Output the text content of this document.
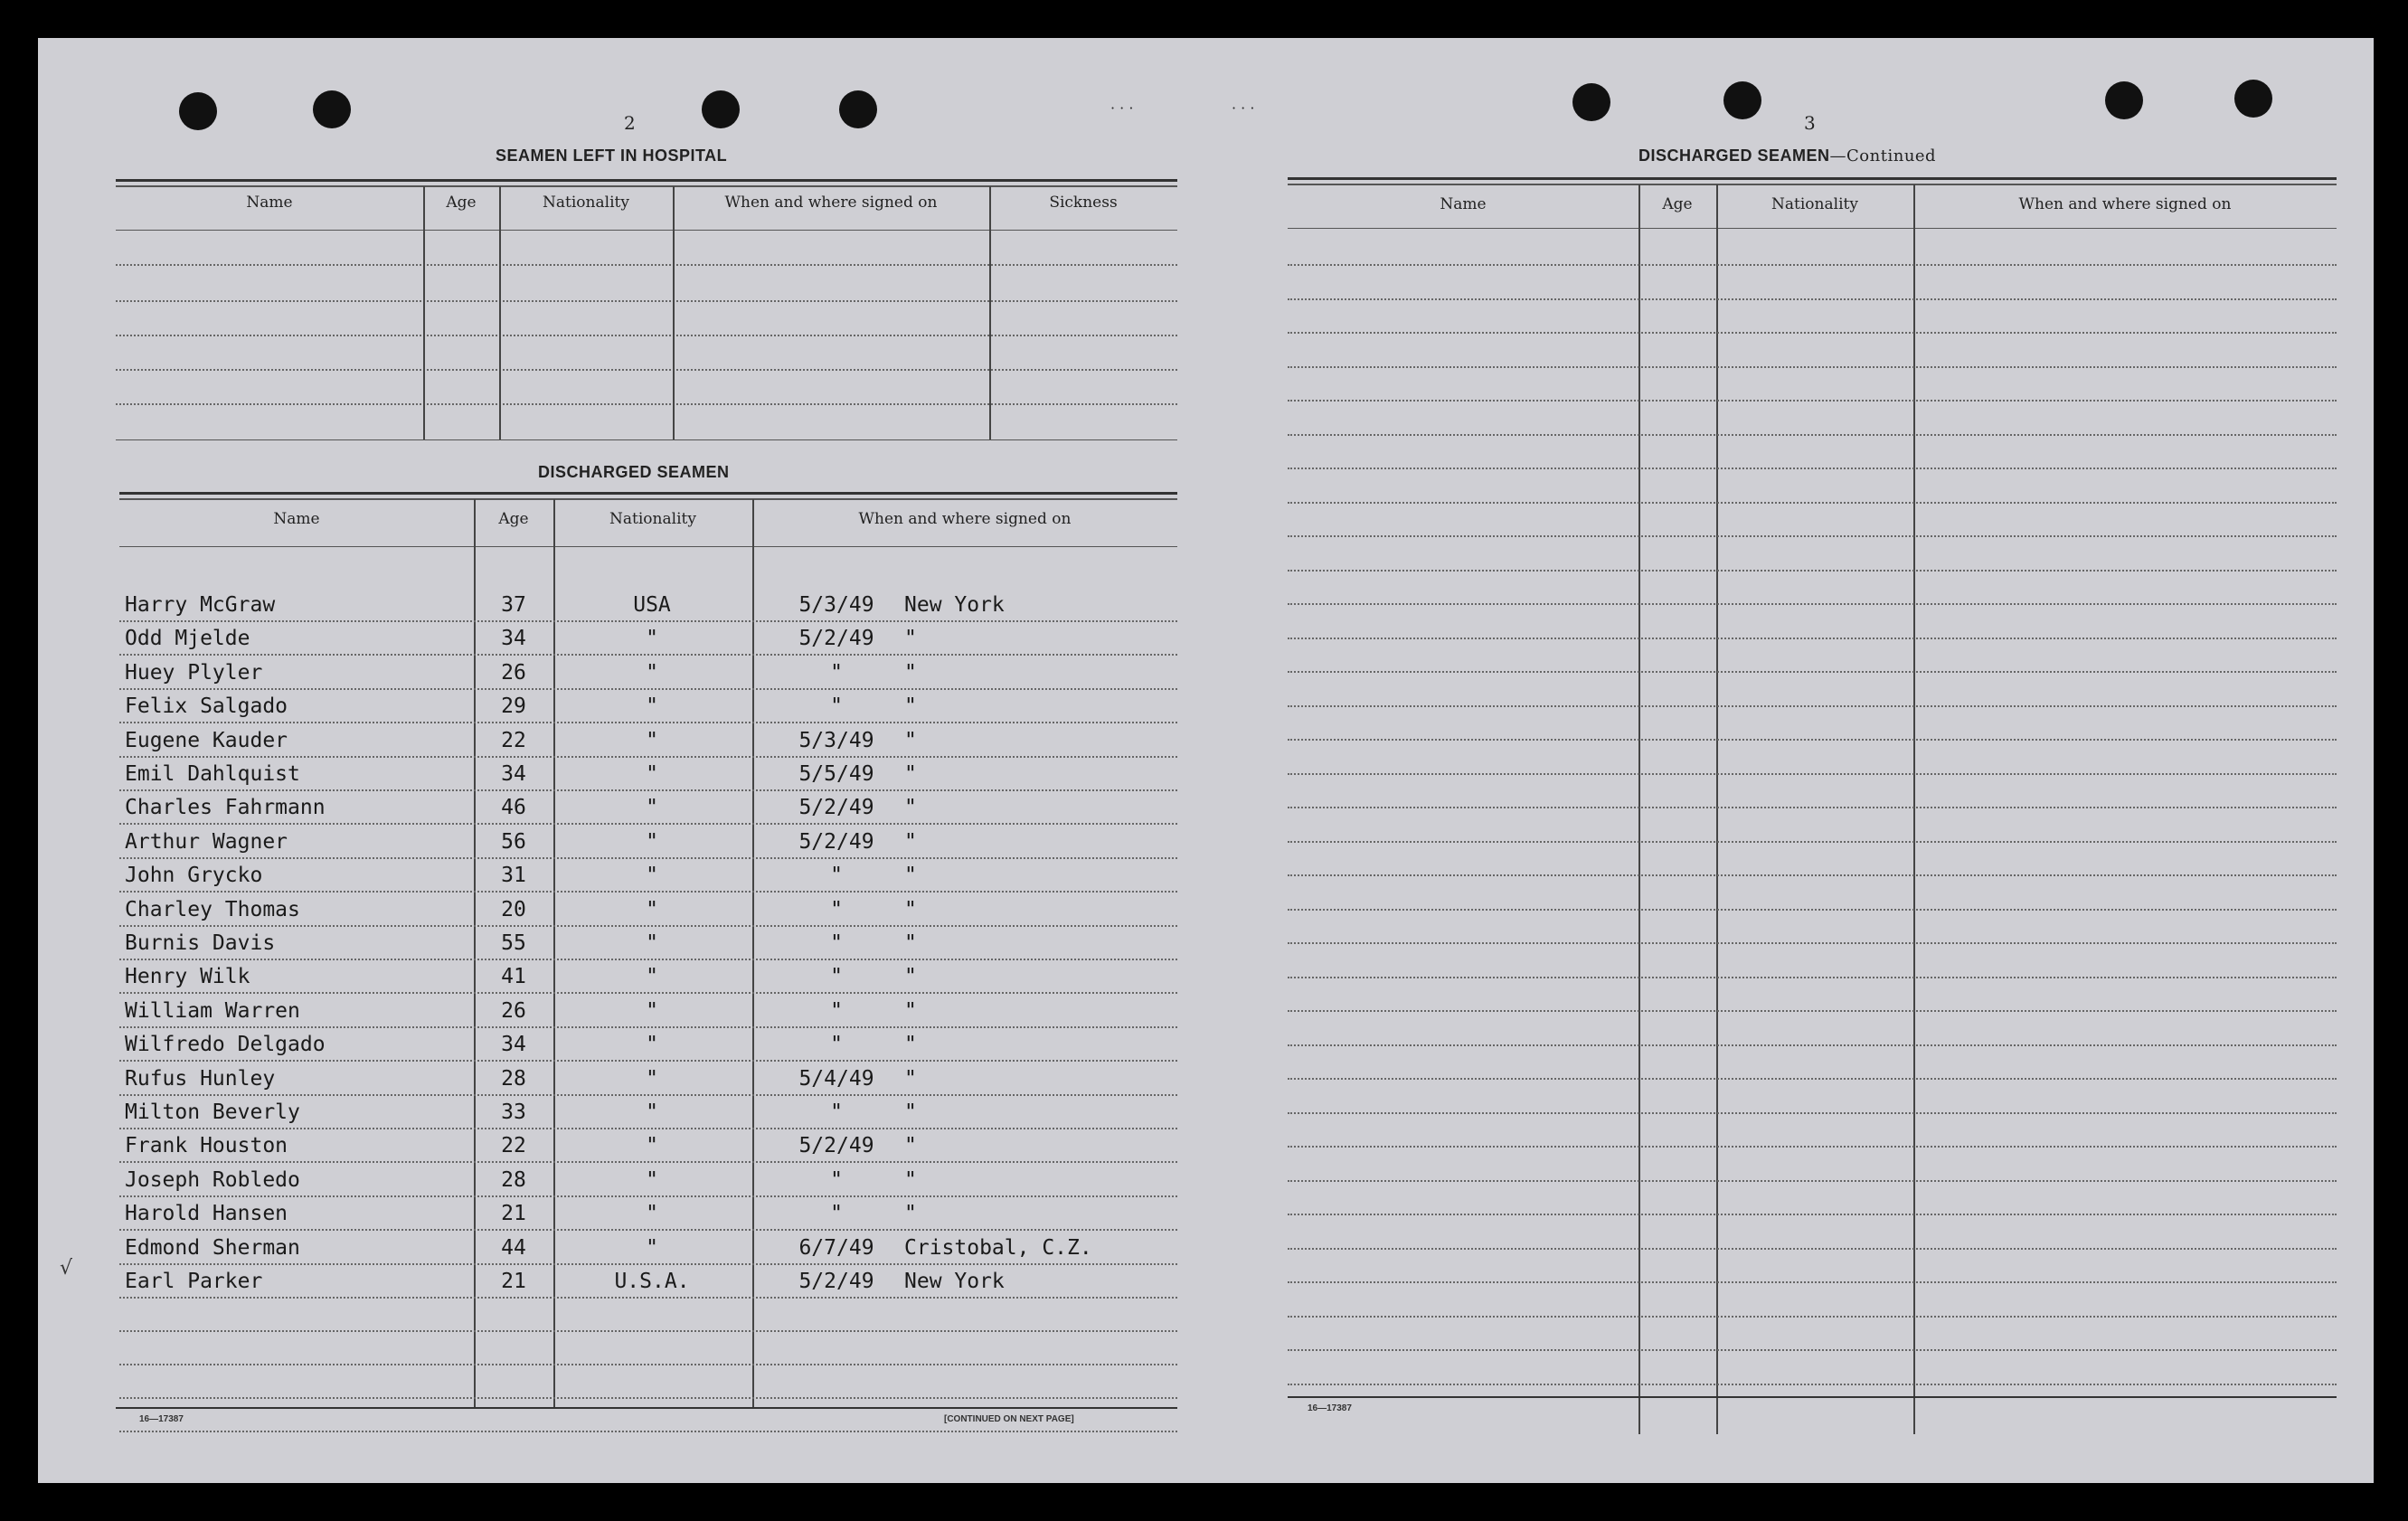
2
SEAMEN LEFT IN HOSPITAL
Name	Age	Nationality	When and where signed on	Sickness
DISCHARGED SEAMEN
Name	Age	Nationality	When and where signed on
Harry McGraw	37	USA	5/3/49	New York
Odd Mjelde	34	"	5/2/49	"
Huey Plyler	26	"	"	"
Felix Salgado	29	"	"	"
Eugene Kauder	22	"	5/3/49	"
Emil Dahlquist	34	"	5/5/49	"
Charles Fahrmann	46	"	5/2/49	"
Arthur Wagner	56	"	5/2/49	"
John Grycko	31	"	"	"
Charley Thomas	20	"	"	"
Burnis Davis	55	"	"	"
Henry Wilk	41	"	"	"
William Warren	26	"	"	"
Wilfredo Delgado	34	"	"	"
Rufus Hunley	28	"	5/4/49	"
Milton Beverly	33	"	"	"
Frank Houston	22	"	5/2/49	"
Joseph Robledo	28	"	"	"
Harold Hansen	21	"	"	"
Edmond Sherman	44	"	6/7/49	Cristobal, C.Z.
Earl Parker	21	U.S.A.	5/2/49	New York
16—17387	[CONTINUED ON NEXT PAGE]
√
3
DISCHARGED SEAMEN—Continued
Name	Age	Nationality	When and where signed on
16—17387
· · ·	· · ·
